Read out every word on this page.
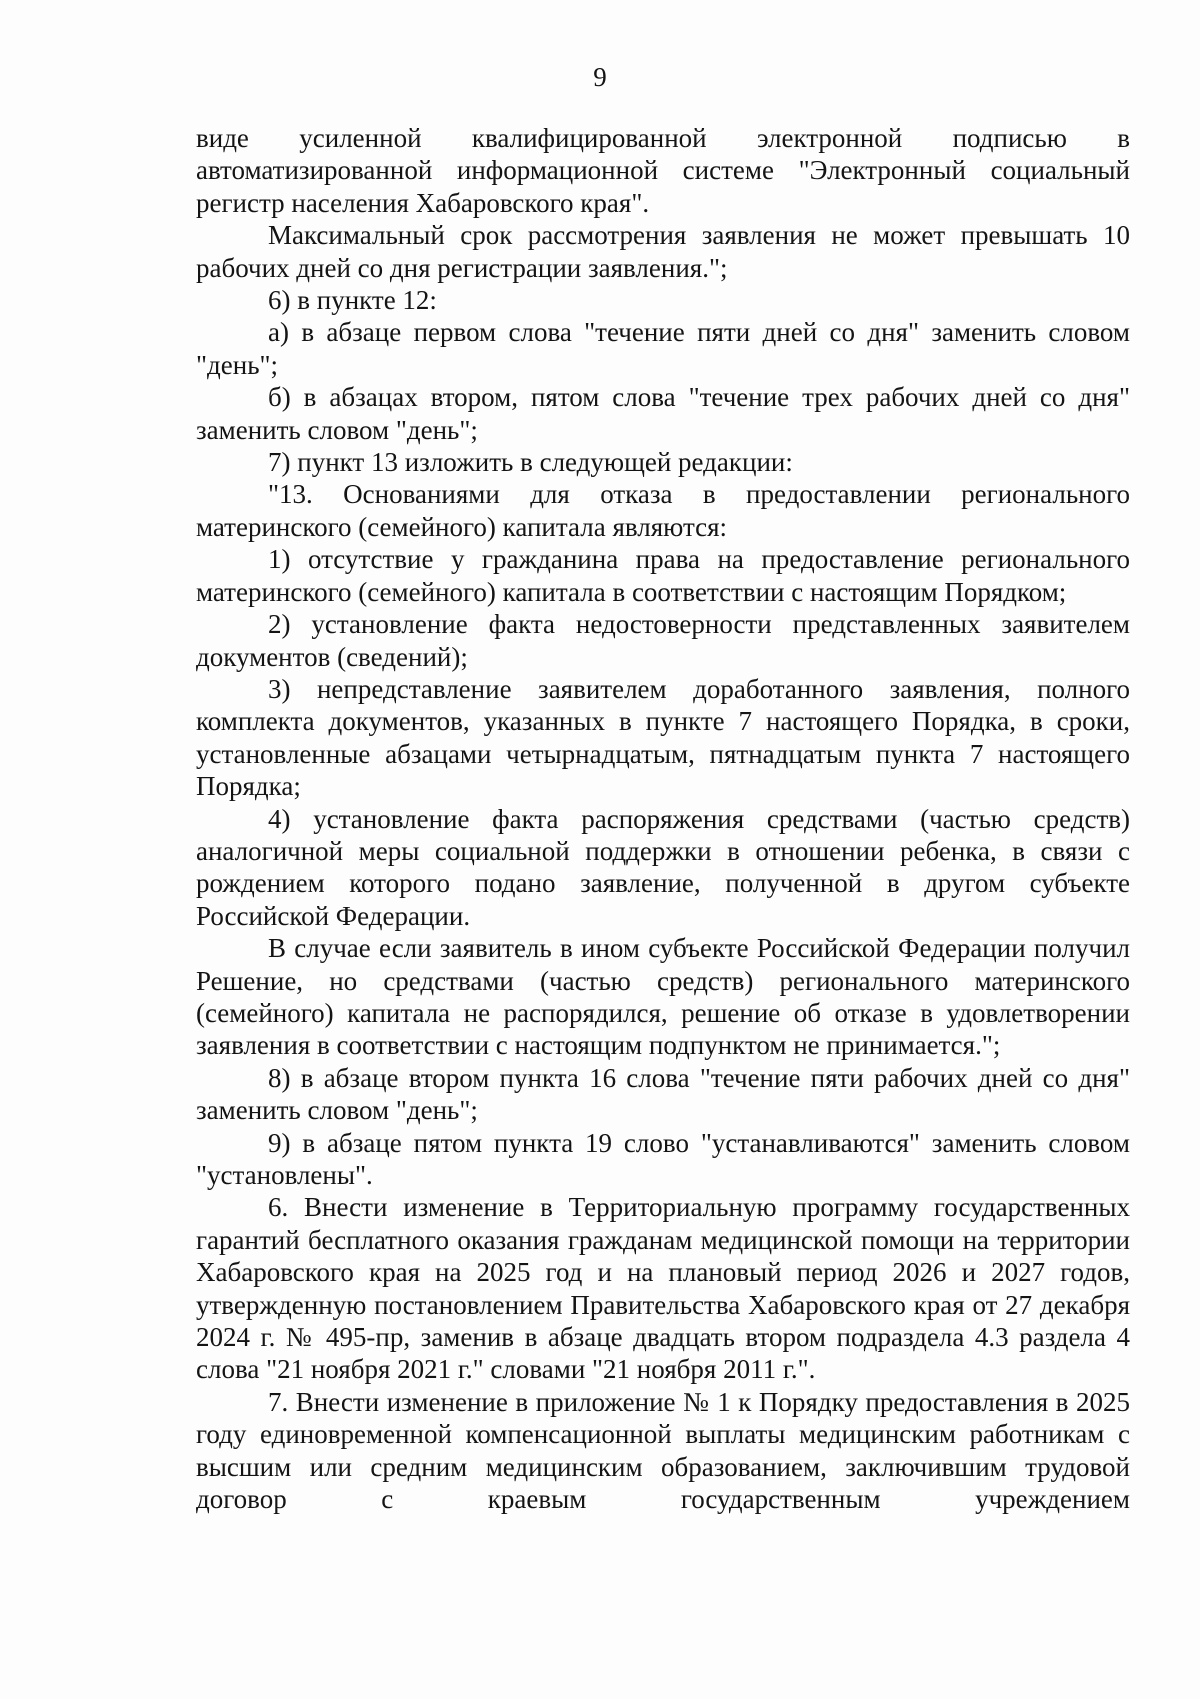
9

виде усиленной квалифицированной электронной подписью в автоматизированной информационной системе "Электронный социальный регистр населения Хабаровского края".

Максимальный срок рассмотрения заявления не может превышать 10 рабочих дней со дня регистрации заявления.";

6) в пункте 12:

а) в абзаце первом слова "течение пяти дней со дня" заменить словом "день";

б) в абзацах втором, пятом слова "течение трех рабочих дней со дня" заменить словом "день";

7) пункт 13 изложить в следующей редакции:

"13. Основаниями для отказа в предоставлении регионального материнского (семейного) капитала являются:

1) отсутствие у гражданина права на предоставление регионального материнского (семейного) капитала в соответствии с настоящим Порядком;

2) установление факта недостоверности представленных заявителем документов (сведений);

3) непредставление заявителем доработанного заявления, полного комплекта документов, указанных в пункте 7 настоящего Порядка, в сроки, установленные абзацами четырнадцатым, пятнадцатым пункта 7 настоящего Порядка;

4) установление факта распоряжения средствами (частью средств) аналогичной меры социальной поддержки в отношении ребенка, в связи с рождением которого подано заявление, полученной в другом субъекте Российской Федерации.

В случае если заявитель в ином субъекте Российской Федерации получил Решение, но средствами (частью средств) регионального материнского (семейного) капитала не распорядился, решение об отказе в удовлетворении заявления в соответствии с настоящим подпунктом не принимается.";

8) в абзаце втором пункта 16 слова "течение пяти рабочих дней со дня" заменить словом "день";

9) в абзаце пятом пункта 19 слово "устанавливаются" заменить словом "установлены".

6. Внести изменение в Территориальную программу государственных гарантий бесплатного оказания гражданам медицинской помощи на территории Хабаровского края на 2025 год и на плановый период 2026 и 2027 годов, утвержденную постановлением Правительства Хабаровского края от 27 декабря 2024 г. № 495-пр, заменив в абзаце двадцать втором подраздела 4.3 раздела 4 слова "21 ноября 2021 г." словами "21 ноября 2011 г.".

7. Внести изменение в приложение № 1 к Порядку предоставления в 2025 году единовременной компенсационной выплаты медицинским работникам с высшим или средним медицинским образованием, заключившим трудовой договор с краевым государственным учреждением
